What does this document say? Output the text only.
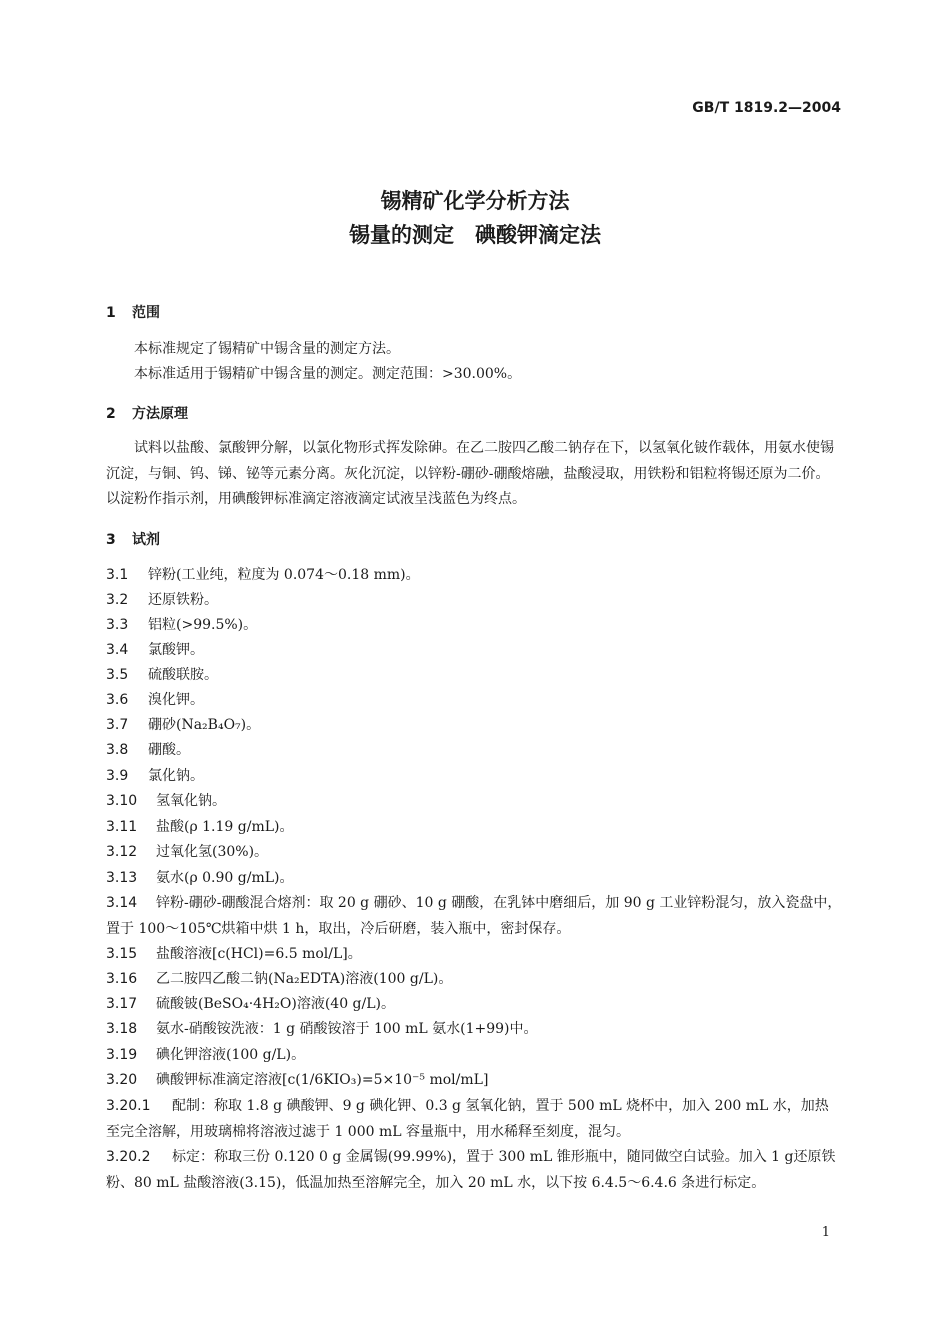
GB/T 1819.2—2004
锡精矿化学分析方法
锡量的测定　碘酸钾滴定法
1 范围
本标准规定了锡精矿中锡含量的测定方法。
本标准适用于锡精矿中锡含量的测定。测定范围：>30.00%。
2 方法原理
试料以盐酸、氯酸钾分解，以氯化物形式挥发除砷。在乙二胺四乙酸二钠存在下，以氢氧化铍作载体，用氨水使锡沉淀，与铜、钨、锑、铋等元素分离。灰化沉淀，以锌粉-硼砂-硼酸熔融，盐酸浸取，用铁粉和铝粒将锡还原为二价。以淀粉作指示剂，用碘酸钾标准滴定溶液滴定试液呈浅蓝色为终点。
3 试剂
3.1 锌粉(工业纯，粒度为 0.074～0.18 mm)。
3.2 还原铁粉。
3.3 铝粒(>99.5%)。
3.4 氯酸钾。
3.5 硫酸联胺。
3.6 溴化钾。
3.7 硼砂(Na₂B₄O₇)。
3.8 硼酸。
3.9 氯化钠。
3.10 氢氧化钠。
3.11 盐酸(ρ 1.19 g/mL)。
3.12 过氧化氢(30%)。
3.13 氨水(ρ 0.90 g/mL)。
3.14 锌粉-硼砂-硼酸混合熔剂：取 20 g 硼砂、10 g 硼酸，在乳钵中磨细后，加 90 g 工业锌粉混匀，放入瓷盘中，置于 100～105℃烘箱中烘 1 h，取出，冷后研磨，装入瓶中，密封保存。
3.15 盐酸溶液[c(HCl)=6.5 mol/L]。
3.16 乙二胺四乙酸二钠(Na₂EDTA)溶液(100 g/L)。
3.17 硫酸铍(BeSO₄·4H₂O)溶液(40 g/L)。
3.18 氨水-硝酸铵洗液：1 g 硝酸铵溶于 100 mL 氨水(1+99)中。
3.19 碘化钾溶液(100 g/L)。
3.20 碘酸钾标准滴定溶液[c(1/6KIO₃)=5×10⁻⁵ mol/mL]
3.20.1 配制：称取 1.8 g 碘酸钾、9 g 碘化钾、0.3 g 氢氧化钠，置于 500 mL 烧杯中，加入 200 mL 水，加热至完全溶解，用玻璃棉将溶液过滤于 1 000 mL 容量瓶中，用水稀释至刻度，混匀。
3.20.2 标定：称取三份 0.120 0 g 金属锡(99.99%)，置于 300 mL 锥形瓶中，随同做空白试验。加入 1 g还原铁粉、80 mL 盐酸溶液(3.15)，低温加热至溶解完全，加入 20 mL 水，以下按 6.4.5～6.4.6 条进行标定。
1
